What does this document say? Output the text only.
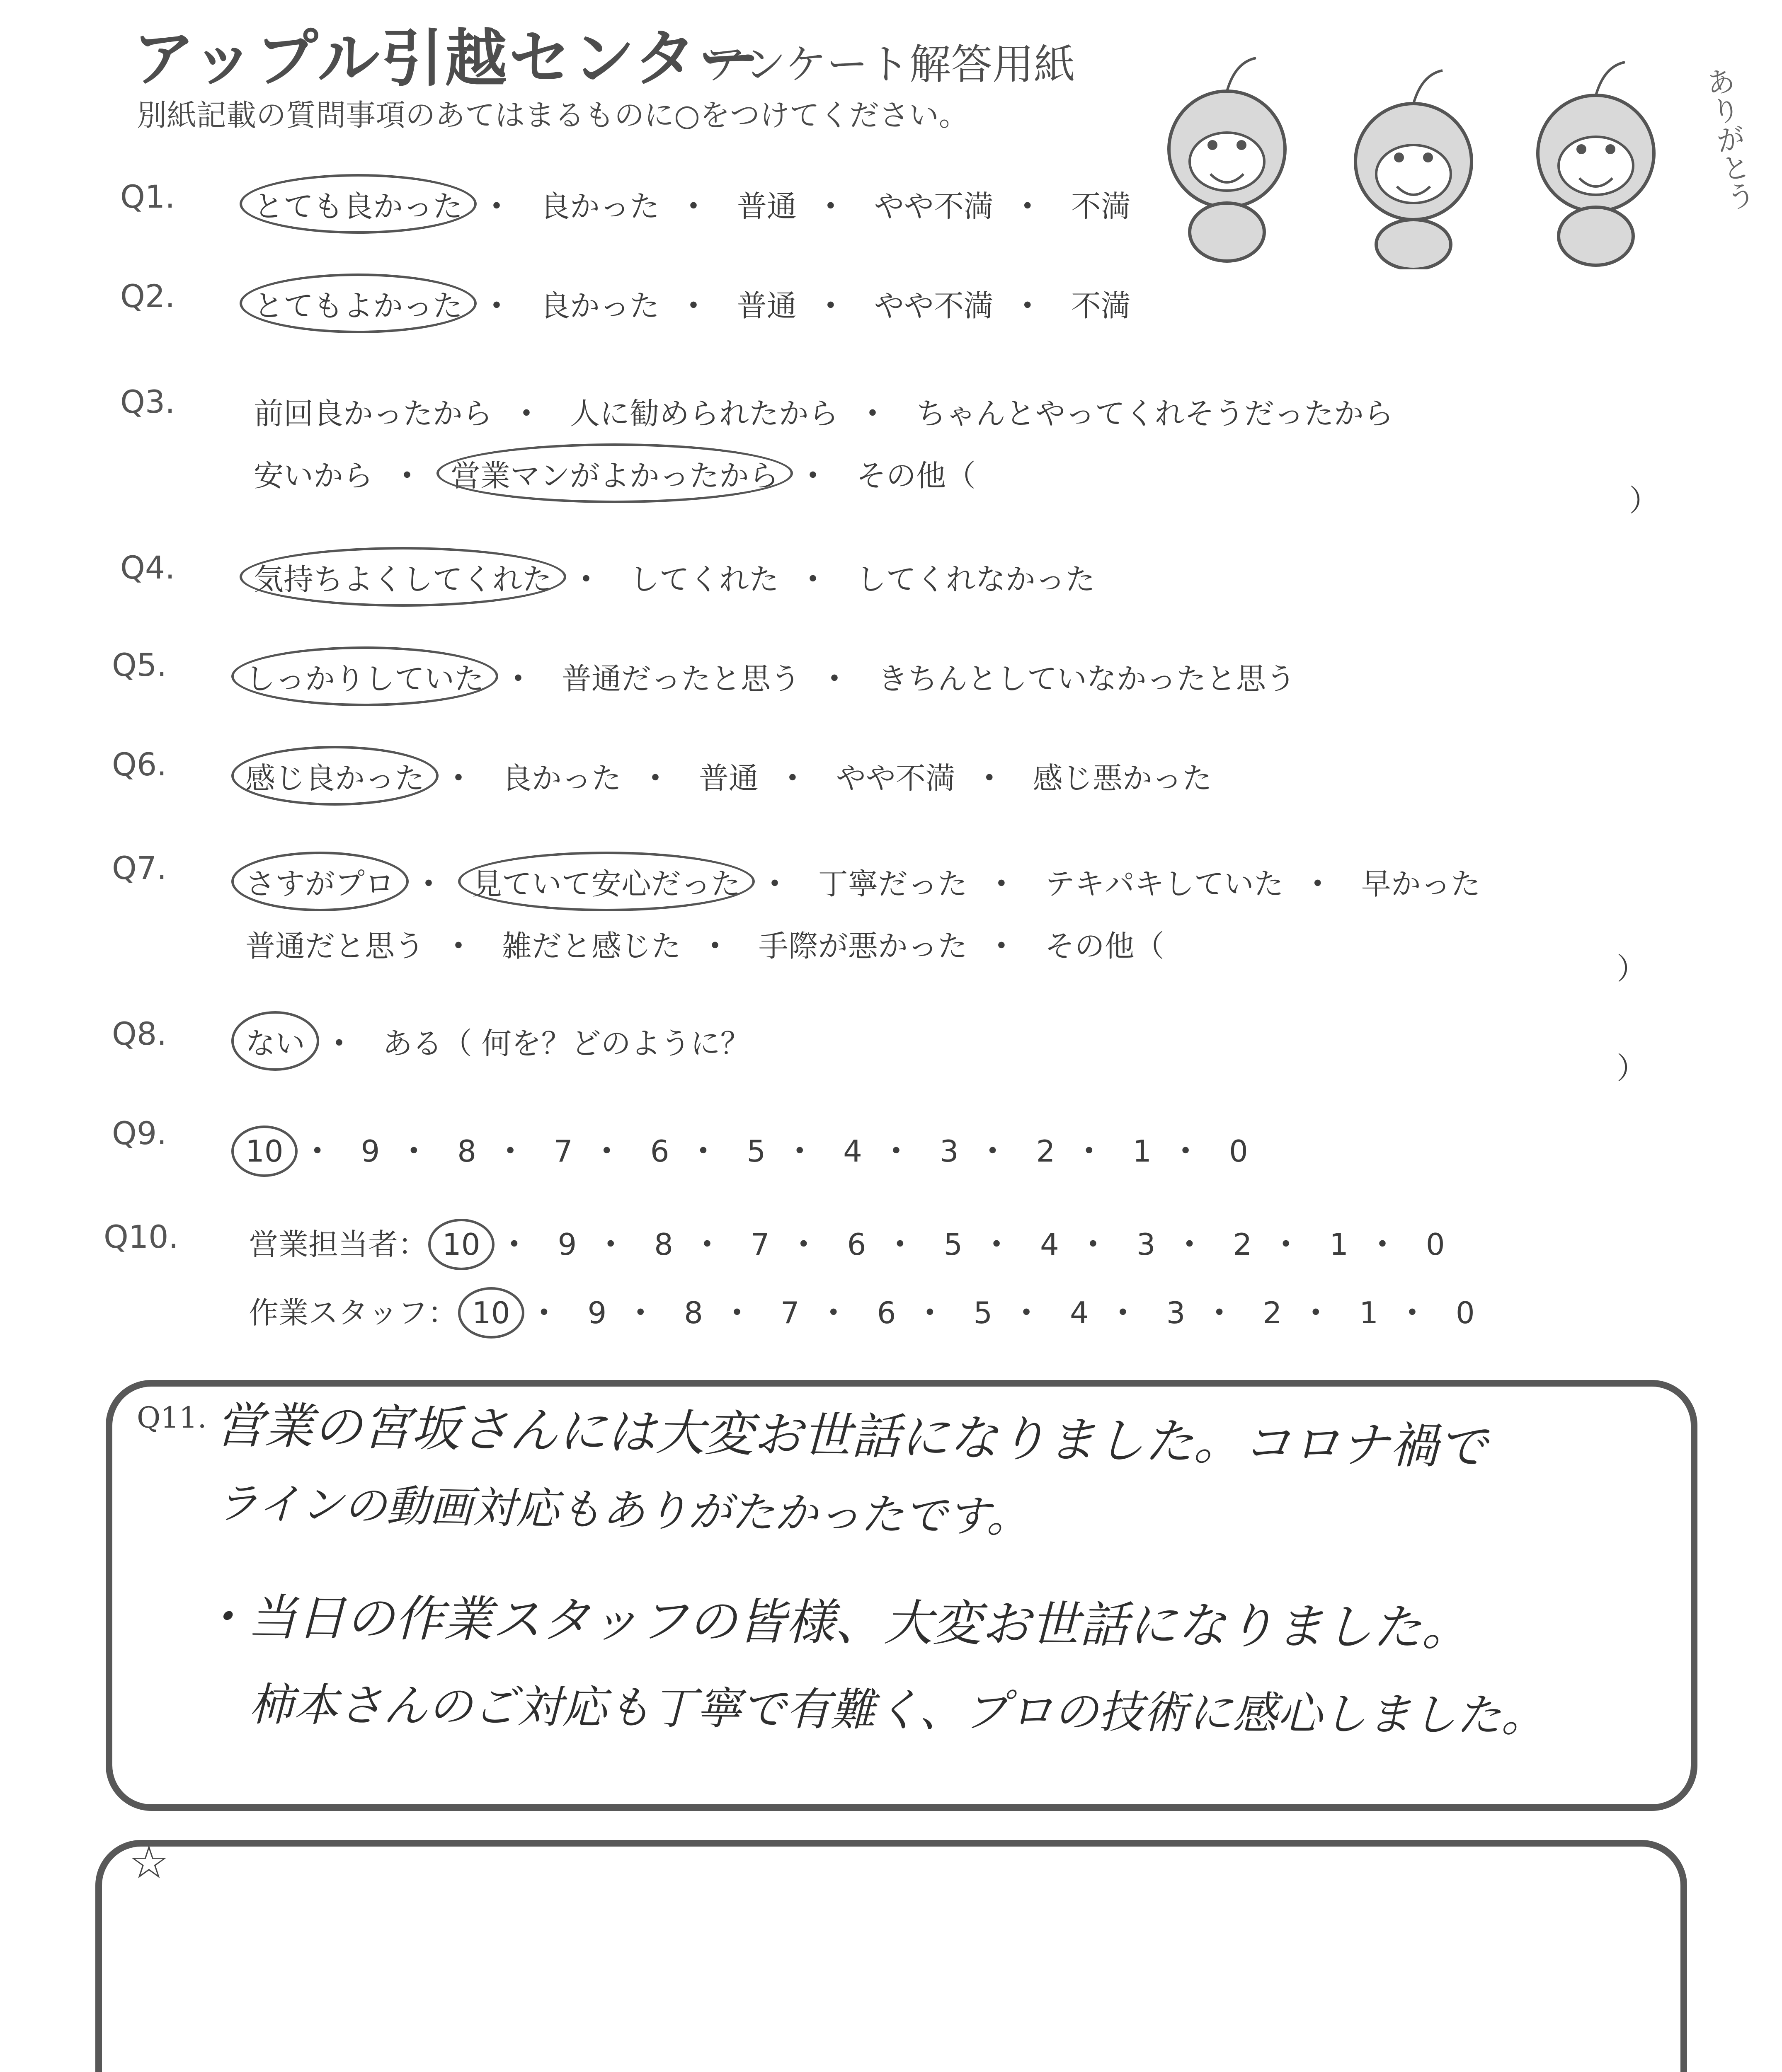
アップル引越センター
アンケート解答用紙
別紙記載の質問事項のあてはまるものに○をつけてください。	ありがとう
Q1.	とても良かった ・ 良かった ・ 普通 ・ やや不満 ・ 不満
Q2.	とてもよかった ・ 良かった ・ 普通 ・ やや不満 ・ 不満
Q3.	前回良かったから ・ 人に勧められたから ・ ちゃんとやってくれそうだったから
安いから ・ 営業マンがよかったから ・ その他（
）
Q4.	気持ちよくしてくれた ・ してくれた ・ してくれなかった
Q5.	しっかりしていた ・ 普通だったと思う ・ きちんとしていなかったと思う
Q6.	感じ良かった ・ 良かった ・ 普通 ・ やや不満 ・ 感じ悪かった
Q7.	さすがプロ ・ 見ていて安心だった ・ 丁寧だった ・ テキパキしていた ・ 早かった
普通だと思う ・ 雑だと感じた ・ 手際が悪かった ・ その他（
）
Q8.	ない ・ ある（ 何を？どのように？
）
Q9.	10 ・ 9 ・ 8 ・ 7 ・ 6 ・ 5 ・ 4 ・ 3 ・ 2 ・ 1 ・ 0
Q10. 営業担当者： 10 ・ 9 ・ 8 ・ 7 ・ 6 ・ 5 ・ 4 ・ 3 ・ 2 ・ 1 ・ 0
作業スタッフ： 10 ・ 9 ・ 8 ・ 7 ・ 6 ・ 5 ・ 4 ・ 3 ・ 2 ・ 1 ・ 0
Q11. 営業の宮坂さんには大変お世話になりました。コロナ禍で
ラインの動画対応もありがたかったです。
・当日の作業スタッフの皆様、大変お世話になりました。
柿本さんのご対応も丁寧で有難く、プロの技術に感心しました。
☆
